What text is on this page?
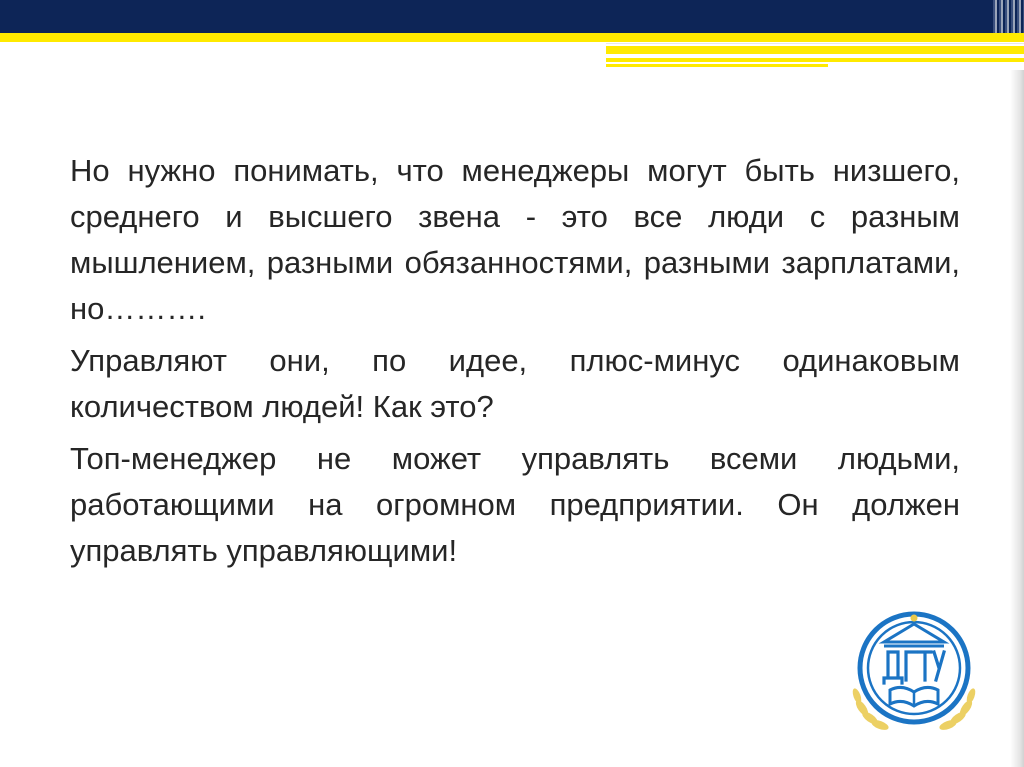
Но нужно понимать, что менеджеры могут быть низшего, среднего и высшего звена - это все люди с разным мышлением, разными обязанностями, разными зарплатами, но……….

Управляют они, по идее, плюс-минус одинаковым количеством людей! Как это?

Топ-менеджер не может управлять всеми людьми, работающими на огромном предприятии. Он должен управлять управляющими!
